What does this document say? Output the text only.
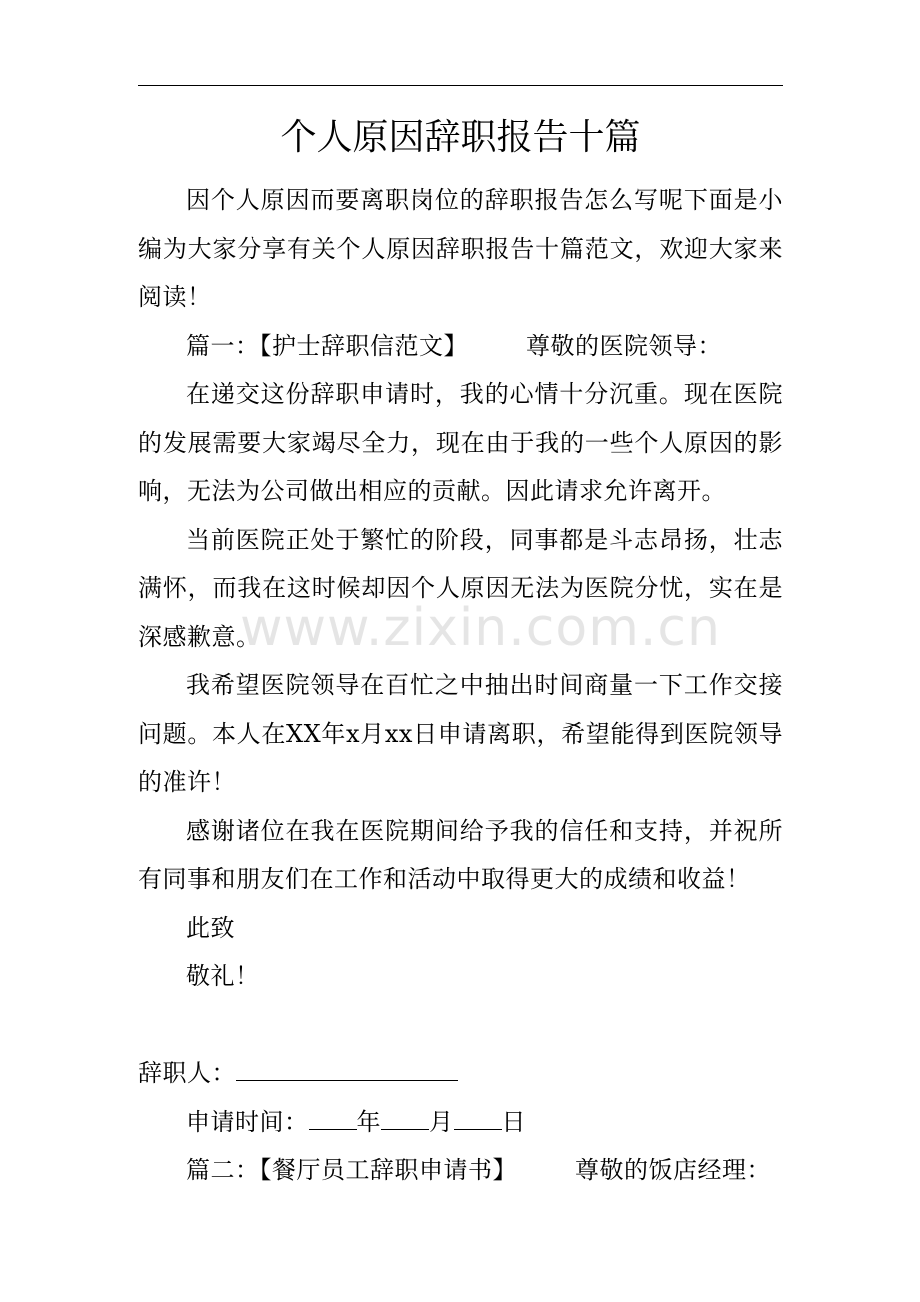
个人原因辞职报告十篇

因个人原因而要离职岗位的辞职报告怎么写呢下面是小编为大家分享有关个人原因辞职报告十篇范文，欢迎大家来阅读！

篇一：【护士辞职信范文】 尊敬的医院领导：

在递交这份辞职申请时，我的心情十分沉重。现在医院的发展需要大家竭尽全力，现在由于我的一些个人原因的影响，无法为公司做出相应的贡献。因此请求允许离开。

当前医院正处于繁忙的阶段，同事都是斗志昂扬，壮志满怀，而我在这时候却因个人原因无法为医院分忧，实在是深感歉意。

我希望医院领导在百忙之中抽出时间商量一下工作交接问题。本人在XX年x月xx日申请离职，希望能得到医院领导的准许！

感谢诸位在我在医院期间给予我的信任和支持，并祝所有同事和朋友们在工作和活动中取得更大的成绩和收益！

此致

敬礼！

辞职人：

申请时间： 年 月 日

篇二：【餐厅员工辞职申请书】 尊敬的饭店经理：

www.zixin.com.cn
